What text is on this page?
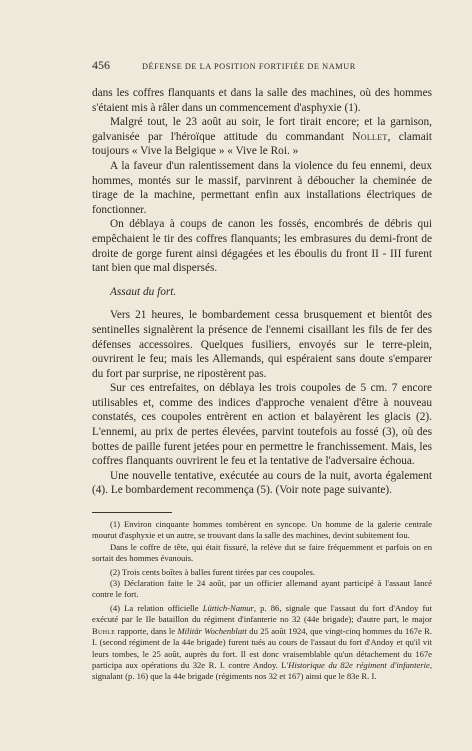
456	DÉFENSE DE LA POSITION FORTIFIÉE DE NAMUR

dans les coffres flanquants et dans la salle des machines, où des hommes s'étaient mis à râler dans un commencement d'asphyxie (1).

Malgré tout, le 23 août au soir, le fort tirait encore; et la garnison, galvanisée par l'héroïque attitude du commandant Nollet, clamait toujours « Vive la Belgique » « Vive le Roi. »

A la faveur d'un ralentissement dans la violence du feu ennemi, deux hommes, montés sur le massif, parvinrent à déboucher la cheminée de tirage de la machine, permettant enfin aux installations électriques de fonctionner.

On déblaya à coups de canon les fossés, encombrés de débris qui empêchaient le tir des coffres flanquants; les embrasures du demi-front de droite de gorge furent ainsi dégagées et les éboulis du front II - III furent tant bien que mal dispersés.

Assaut du fort.

Vers 21 heures, le bombardement cessa brusquement et bientôt des sentinelles signalèrent la présence de l'ennemi cisaillant les fils de fer des défenses accessoires. Quelques fusiliers, envoyés sur le terre-plein, ouvrirent le feu; mais les Allemands, qui espéraient sans doute s'emparer du fort par surprise, ne ripostèrent pas.

Sur ces entrefaites, on déblaya les trois coupoles de 5 cm. 7 encore utilisables et, comme des indices d'approche venaient d'être à nouveau constatés, ces coupoles entrèrent en action et balayèrent les glacis (2). L'ennemi, au prix de pertes élevées, parvint toutefois au fossé (3), où des bottes de paille furent jetées pour en permettre le franchissement. Mais, les coffres flanquants ouvrirent le feu et la tentative de l'adversaire échoua.

Une nouvelle tentative, exécutée au cours de la nuit, avorta également (4). Le bombardement recommença (5). (Voir note page suivante).

(1) Environ cinquante hommes tombèrent en syncope. Un homme de la galerie centrale mourut d'asphyxie et un autre, se trouvant dans la salle des machines, devint subitement fou.

Dans le coffre de tête, qui était fissuré, la relève dut se faire fréquemment et parfois on en sortait des hommes évanouis.

(2) Trois cents boîtes à balles furent tirées par ces coupoles.

(3) Déclaration faite le 24 août, par un officier allemand ayant participé à l'assaut lancé contre le fort.

(4) La relation officielle Lüttich-Namur, p. 86, signale que l'assaut du fort d'Andoy fut exécuté par le IIe bataillon du régiment d'infanterie no 32 (44e brigade); d'autre part, le major Buhle rapporte, dans le Militär Wochenblatt du 25 août 1924, que vingt-cinq hommes du 167e R. I. (second régiment de la 44e brigade) furent tués au cours de l'assaut du fort d'Andoy et qu'il vit leurs tombes, le 25 août, auprès du fort. Il est donc vraisemblable qu'un détachement du 167e participa aux opérations du 32e R. I. contre Andoy. L'Historique du 82e régiment d'infanterie, signalant (p. 16) que la 44e brigade (régiments nos 32 et 167) ainsi que le 83e R. I.
